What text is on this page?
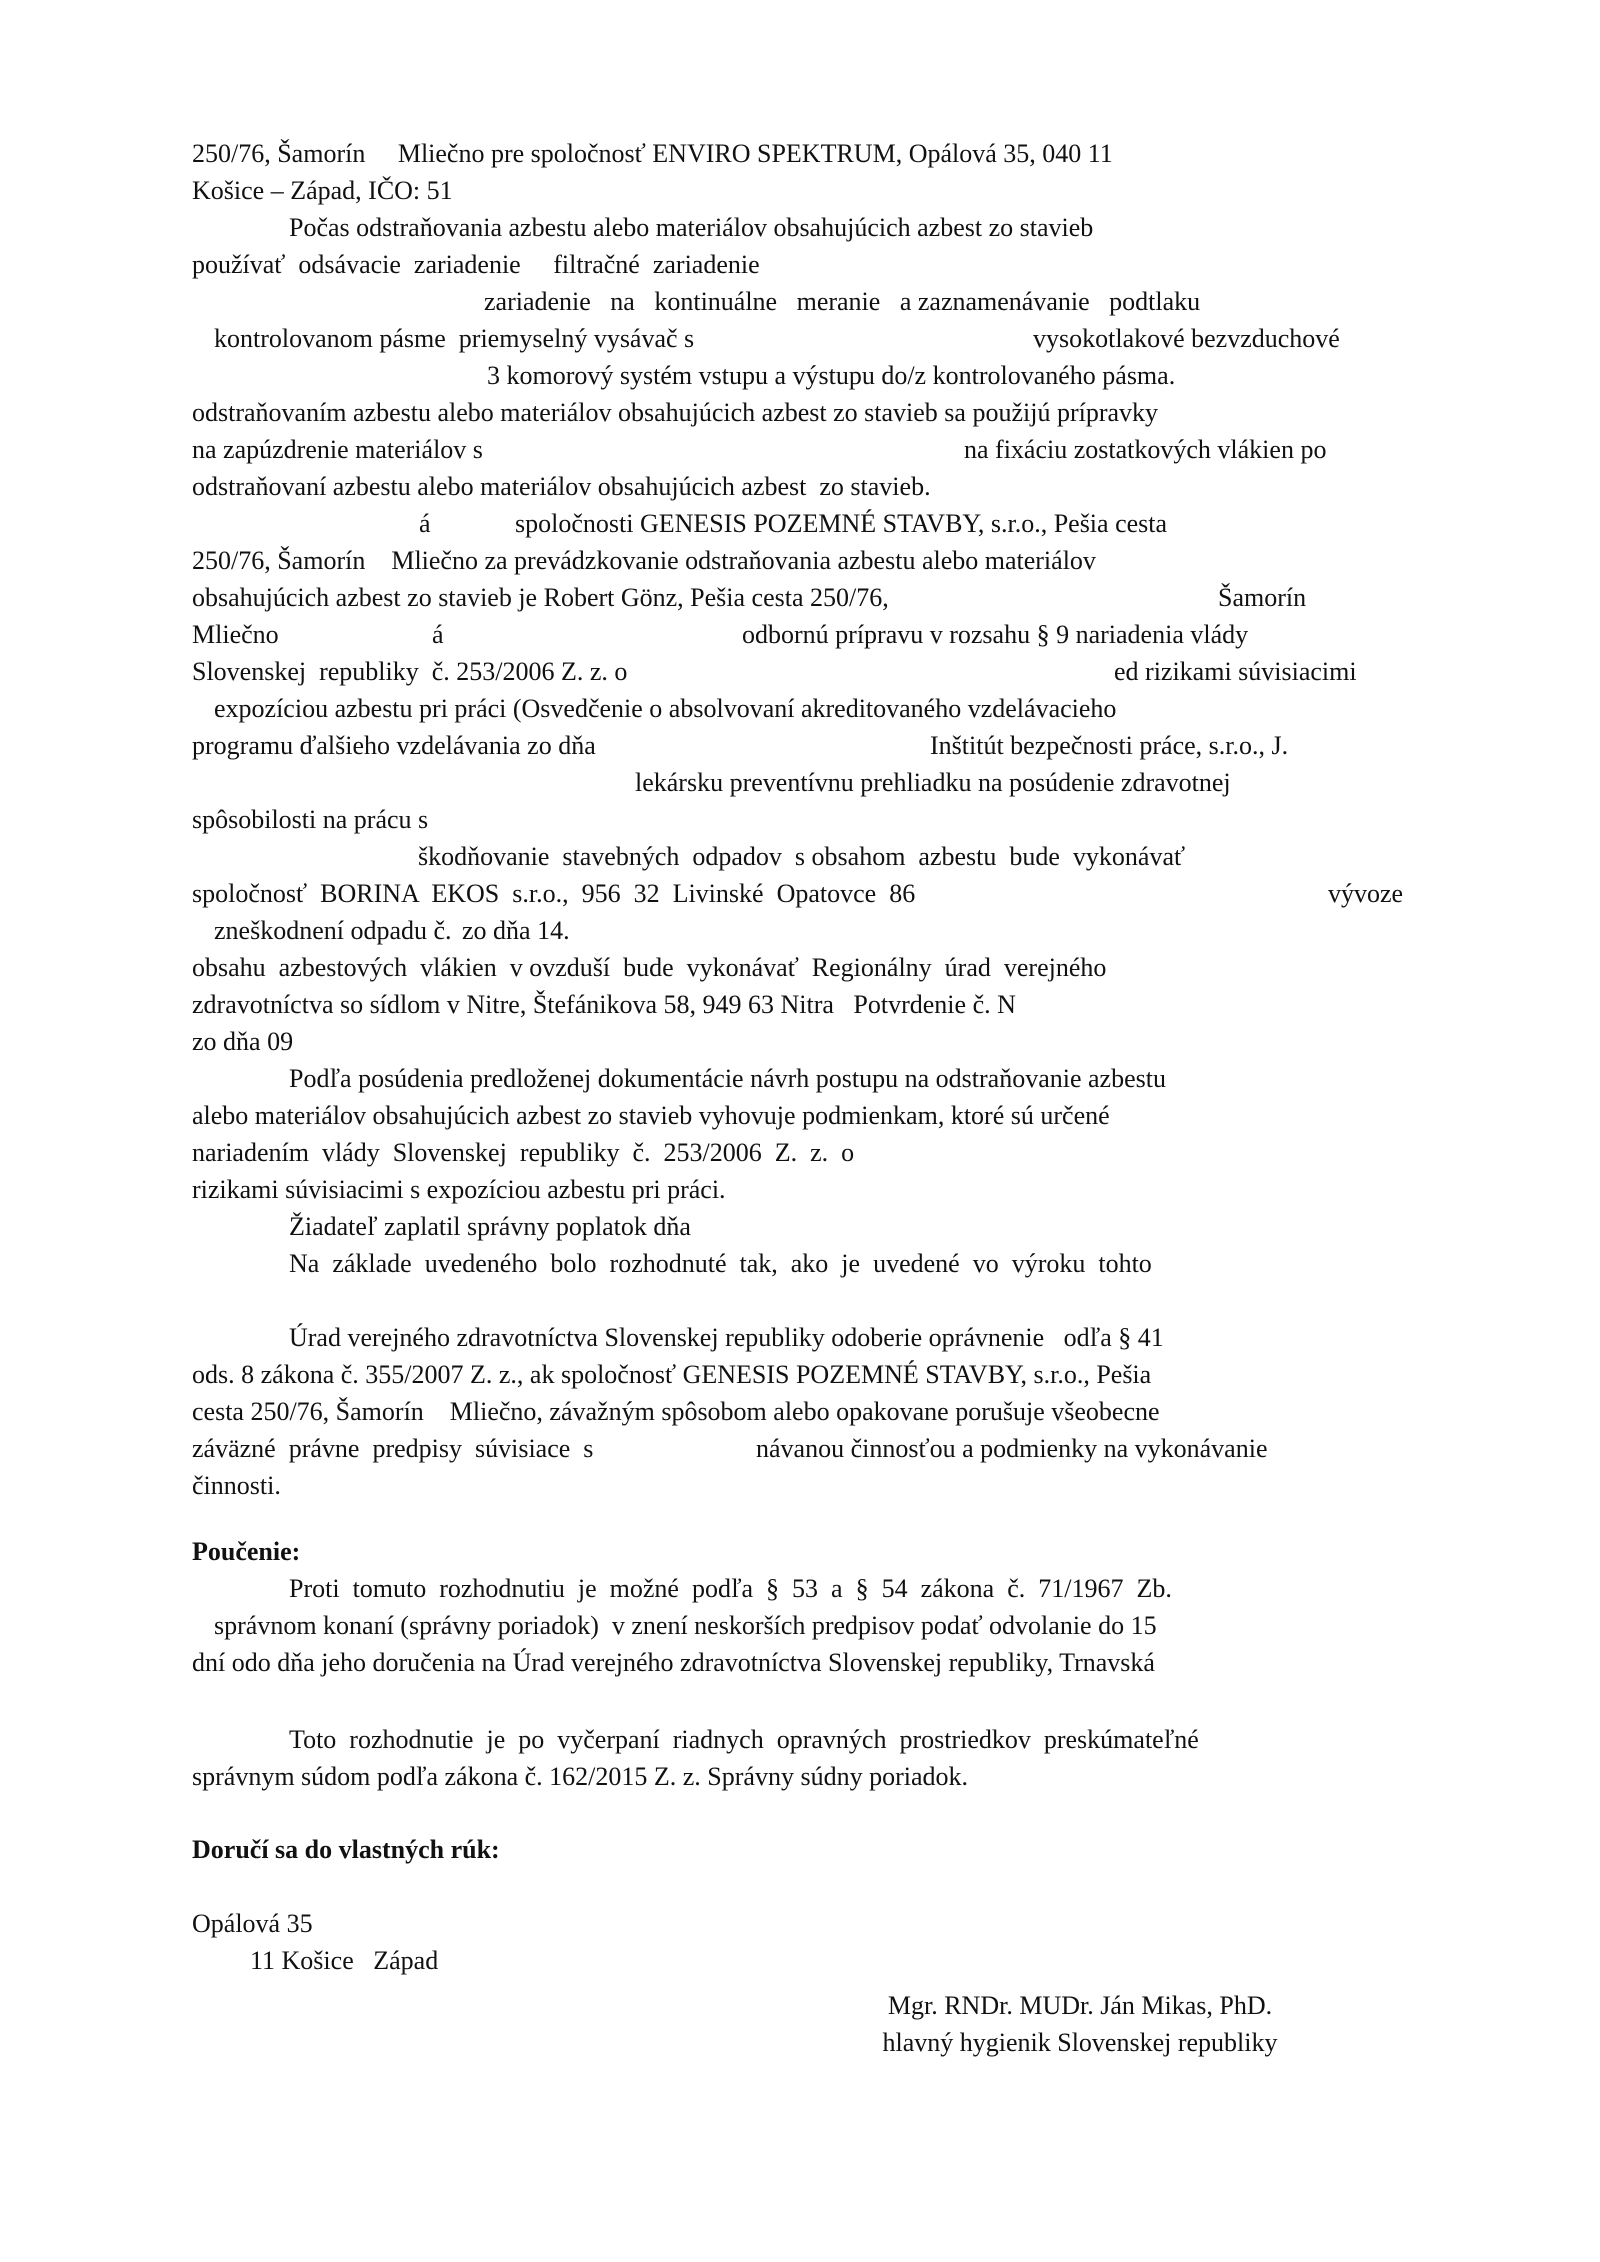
250/76, Šamorín     Mliečno pre spoločnosť ENVIRO SPEKTRUM, Opálová 35, 040 11
Košice – Západ, IČO: 51
Počas odstraňovania azbestu alebo materiálov obsahujúcich azbest zo stavieb
používať  odsávacie  zariadenie     filtračné  zariadenie
zariadenie   na   kontinuálne   meranie   a zaznamenávanie   podtlaku
kontrolovanom pásme  priemyselný vysávač s	vysokotlakové bezvzduchové
3 komorový systém vstupu a výstupu do/z kontrolovaného pásma.
odstraňovaním azbestu alebo materiálov obsahujúcich azbest zo stavieb sa použijú prípravky
na zapúzdrenie materiálov s	na fixáciu zostatkových vlákien po
odstraňovaní azbestu alebo materiálov obsahujúcich azbest  zo stavieb.
á	spoločnosti GENESIS POZEMNÉ STAVBY, s.r.o., Pešia cesta
250/76, Šamorín    Mliečno za prevádzkovanie odstraňovania azbestu alebo materiálov
obsahujúcich azbest zo stavieb je Robert Gönz, Pešia cesta 250/76,	Šamorín
Mliečno	á	odbornú prípravu v rozsahu § 9 nariadenia vlády
Slovenskej  republiky  č. 253/2006 Z. z. o	ed rizikami súvisiacimi
expozíciou azbestu pri práci (Osvedčenie o absolvovaní akreditovaného vzdelávacieho
programu ďalšieho vzdelávania zo dňa	Inštitút bezpečnosti práce, s.r.o., J.
lekársku preventívnu prehliadku na posúdenie zdravotnej
spôsobilosti na prácu s
škodňovanie  stavebných  odpadov  s obsahom  azbestu  bude  vykonávať
spoločnosť  BORINA  EKOS  s.r.o.,  956  32  Livinské  Opatovce  86	vývoze
zneškodnení odpadu č. zo dňa 14.
obsahu  azbestových  vlákien  v ovzduší  bude  vykonávať  Regionálny  úrad  verejného
zdravotníctva so sídlom v Nitre, Štefánikova 58, 949 63 Nitra   Potvrdenie č. N
zo dňa 09
Podľa posúdenia predloženej dokumentácie návrh postupu na odstraňovanie azbestu
alebo materiálov obsahujúcich azbest zo stavieb vyhovuje podmienkam, ktoré sú určené
nariadením  vlády  Slovenskej  republiky  č.  253/2006  Z.  z.  o
rizikami súvisiacimi s expozíciou azbestu pri práci.
Žiadateľ zaplatil správny poplatok dňa
Na  základe  uvedeného  bolo  rozhodnuté  tak,  ako  je  uvedené  vo  výroku  tohto
Úrad verejného zdravotníctva Slovenskej republiky odoberie oprávnenie   odľa § 41
ods. 8 zákona č. 355/2007 Z. z., ak spoločnosť GENESIS POZEMNÉ STAVBY, s.r.o., Pešia
cesta 250/76, Šamorín    Mliečno, závažným spôsobom alebo opakovane porušuje všeobecne
záväzné  právne  predpisy  súvisiace  s	návanou činnosťou a podmienky na vykonávanie
činnosti.
Poučenie:
Proti  tomuto  rozhodnutiu  je  možné  podľa  §  53  a  §  54  zákona  č.  71/1967  Zb.
správnom konaní (správny poriadok)  v znení neskorších predpisov podať odvolanie do 15
dní odo dňa jeho doručenia na Úrad verejného zdravotníctva Slovenskej republiky, Trnavská
Toto  rozhodnutie  je  po  vyčerpaní  riadnych  opravných  prostriedkov  preskúmateľné
správnym súdom podľa zákona č. 162/2015 Z. z. Správny súdny poriadok.
Doručí sa do vlastných rúk:
Opálová 35
11 Košice   Západ
Mgr. RNDr. MUDr. Ján Mikas, PhD.
hlavný hygienik Slovenskej republiky
